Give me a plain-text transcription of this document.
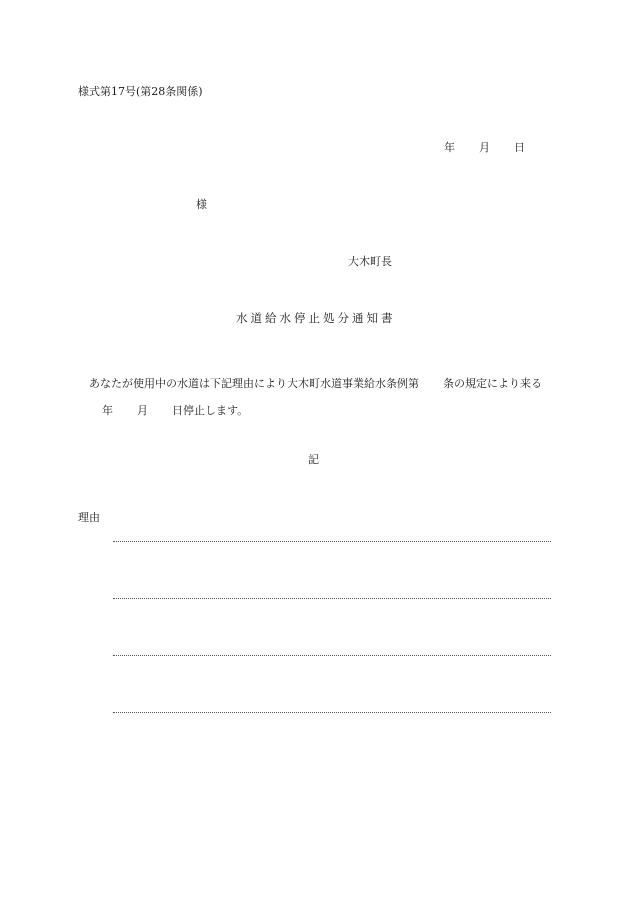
様式第17号(第28条関係)
年 月 日
様
大木町長
水道給水停止処分通知書
あなたが使用中の水道は下記理由により大木町水道事業給水条例第 条の規定により来る年 月 日停止します。
記
理由
